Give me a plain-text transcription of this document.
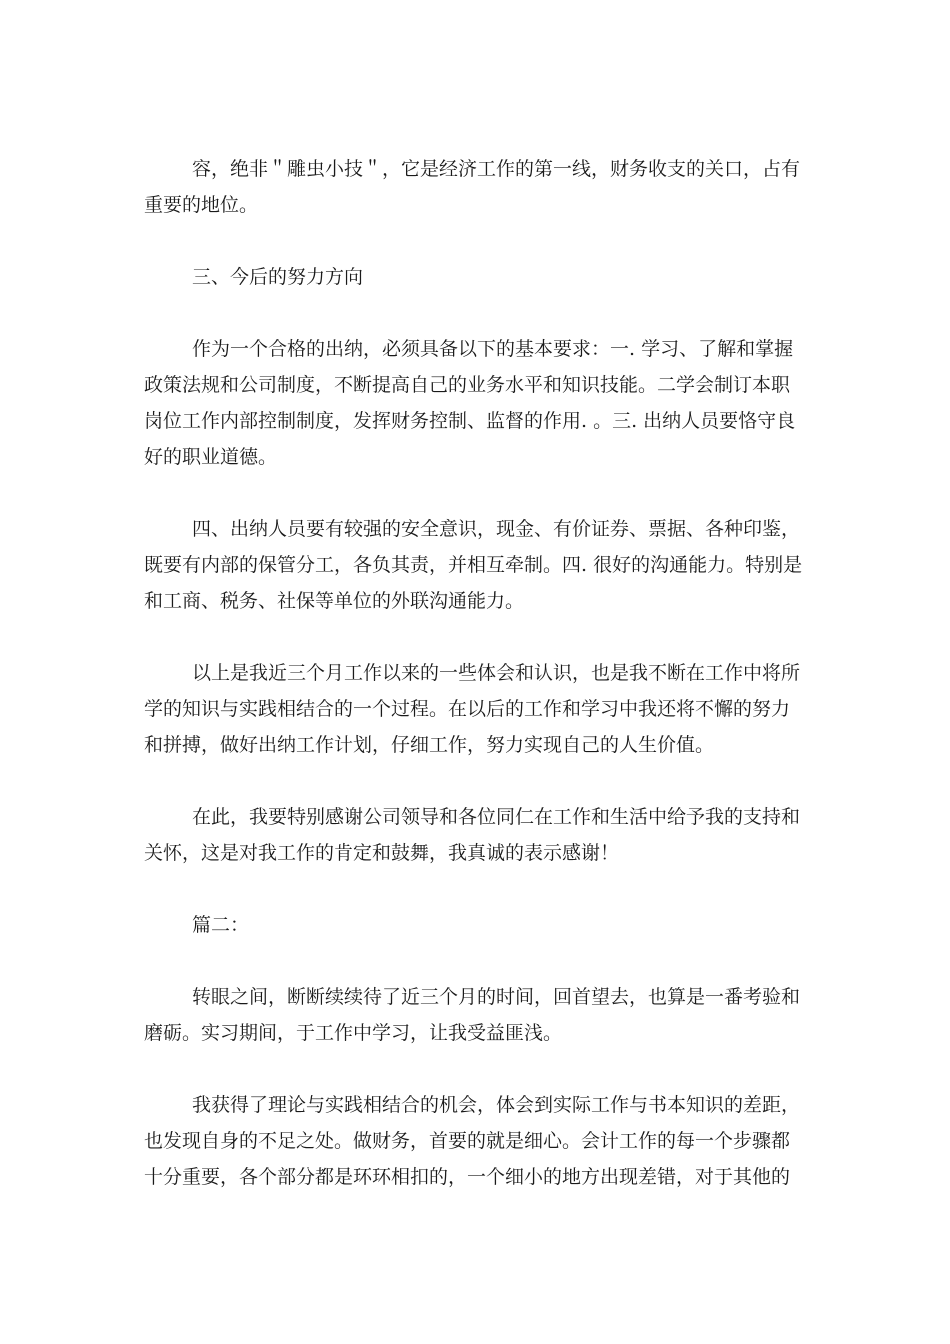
容，绝非＂雕虫小技＂，它是经济工作的第一线，财务收支的关口，占有
重要的地位。

三、今后的努力方向

作为一个合格的出纳，必须具备以下的基本要求：一. 学习、了解和掌握
政策法规和公司制度，不断提高自己的业务水平和知识技能。二学会制订本职
岗位工作内部控制制度，发挥财务控制、监督的作用. 。三. 出纳人员要恪守良
好的职业道德。

四、出纳人员要有较强的安全意识，现金、有价证券、票据、各种印鉴，
既要有内部的保管分工，各负其责，并相互牵制。四. 很好的沟通能力。特别是
和工商、税务、社保等单位的外联沟通能力。

以上是我近三个月工作以来的一些体会和认识，也是我不断在工作中将所
学的知识与实践相结合的一个过程。在以后的工作和学习中我还将不懈的努力
和拼搏，做好出纳工作计划，仔细工作，努力实现自己的人生价值。

在此，我要特别感谢公司领导和各位同仁在工作和生活中给予我的支持和
关怀，这是对我工作的肯定和鼓舞，我真诚的表示感谢！

篇二：

转眼之间，断断续续待了近三个月的时间，回首望去，也算是一番考验和
磨砺。实习期间，于工作中学习，让我受益匪浅。

我获得了理论与实践相结合的机会，体会到实际工作与书本知识的差距，
也发现自身的不足之处。做财务，首要的就是细心。会计工作的每一个步骤都
十分重要，各个部分都是环环相扣的，一个细小的地方出现差错，对于其他的
